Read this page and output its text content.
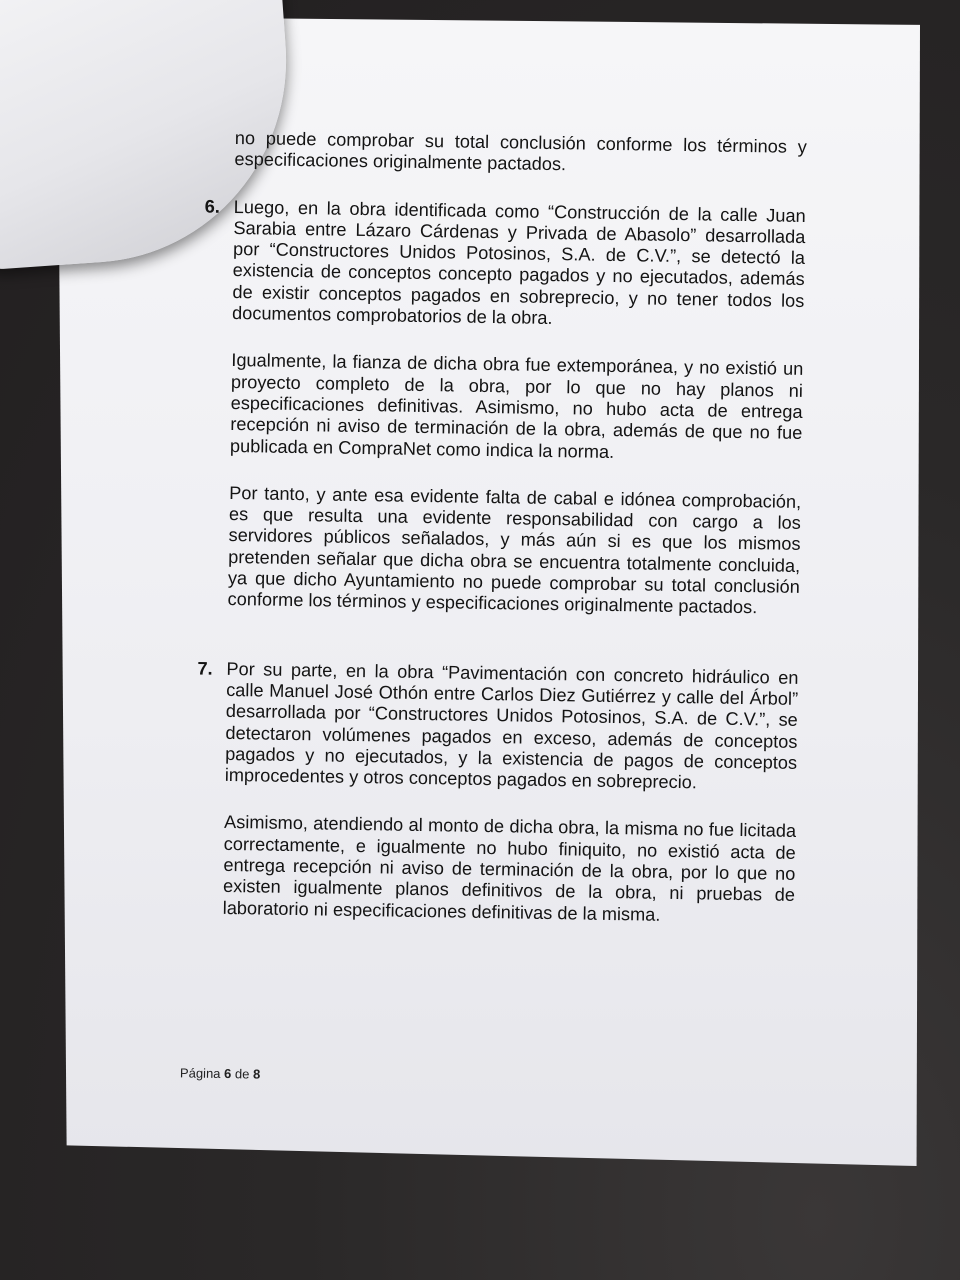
no puede comprobar su total conclusión conforme los términos y especificaciones originalmente pactados.

6. Luego, en la obra identificada como “Construcción de la calle Juan Sarabia entre Lázaro Cárdenas y Privada de Abasolo” desarrollada por “Constructores Unidos Potosinos, S.A. de C.V.”, se detectó la existencia de conceptos concepto pagados y no ejecutados, además de existir conceptos pagados en sobreprecio, y no tener todos los documentos comprobatorios de la obra.

Igualmente, la fianza de dicha obra fue extemporánea, y no existió un proyecto completo de la obra, por lo que no hay planos ni especificaciones definitivas. Asimismo, no hubo acta de entrega recepción ni aviso de terminación de la obra, además de que no fue publicada en CompraNet como indica la norma.

Por tanto, y ante esa evidente falta de cabal e idónea comprobación, es que resulta una evidente responsabilidad con cargo a los servidores públicos señalados, y más aún si es que los mismos pretenden señalar que dicha obra se encuentra totalmente concluida, ya que dicho Ayuntamiento no puede comprobar su total conclusión conforme los términos y especificaciones originalmente pactados.

7. Por su parte, en la obra “Pavimentación con concreto hidráulico en calle Manuel José Othón entre Carlos Diez Gutiérrez y calle del Árbol” desarrollada por “Constructores Unidos Potosinos, S.A. de C.V.”, se detectaron volúmenes pagados en exceso, además de conceptos pagados y no ejecutados, y la existencia de pagos de conceptos improcedentes y otros conceptos pagados en sobreprecio.

Asimismo, atendiendo al monto de dicha obra, la misma no fue licitada correctamente, e igualmente no hubo finiquito, no existió acta de entrega recepción ni aviso de terminación de la obra, por lo que no existen igualmente planos definitivos de la obra, ni pruebas de laboratorio ni especificaciones definitivas de la misma.

Página 6 de 8
